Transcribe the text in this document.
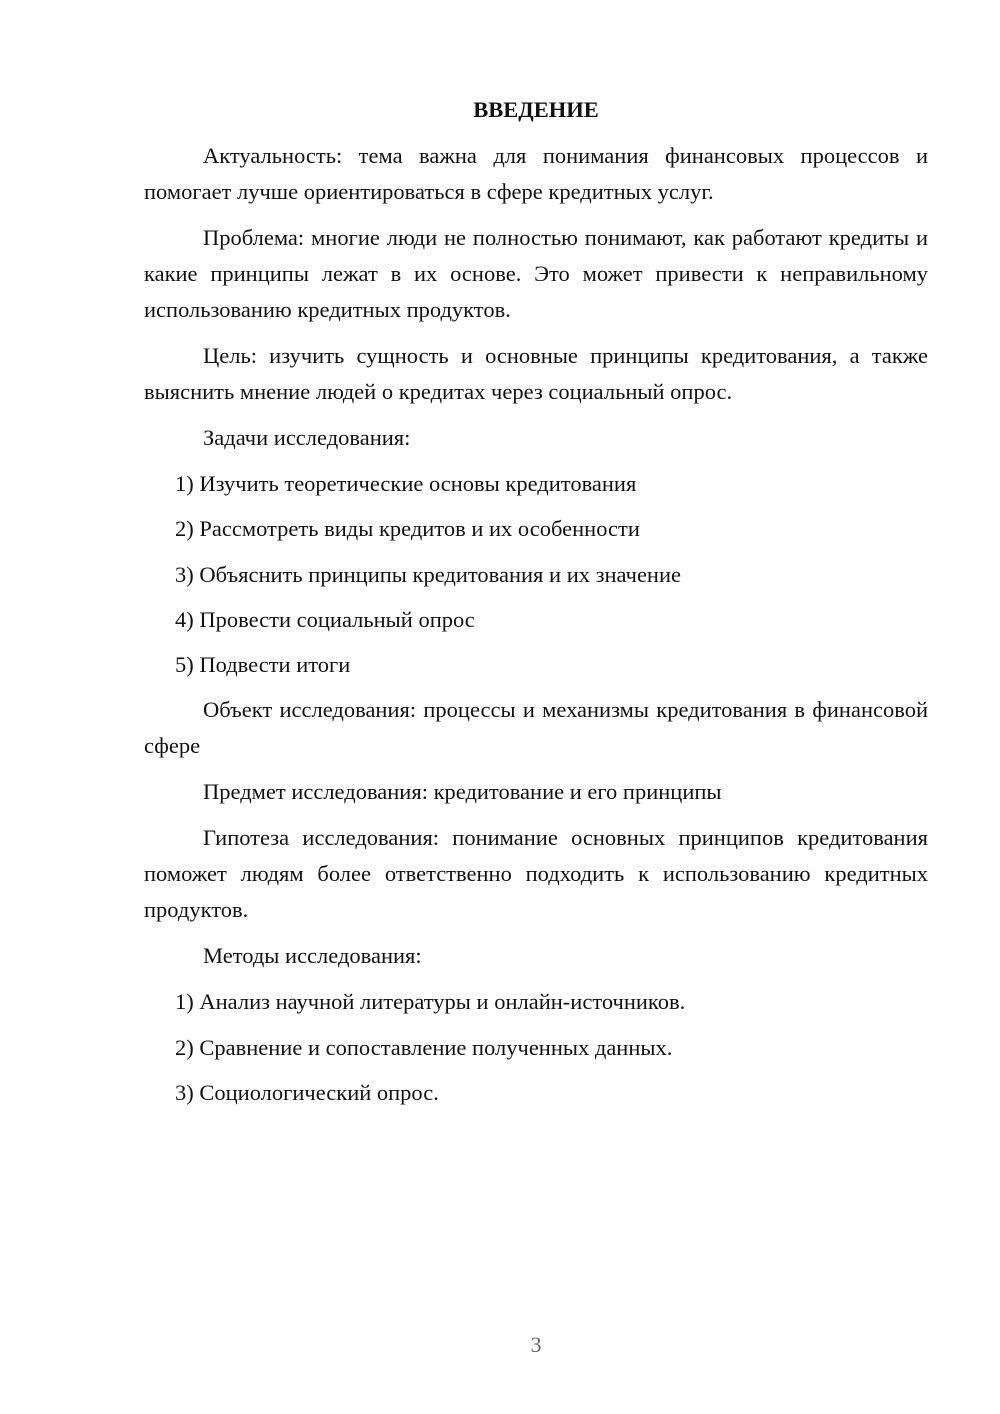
ВВЕДЕНИЕ

Актуальность: тема важна для понимания финансовых процессов и помогает лучше ориентироваться в сфере кредитных услуг.

Проблема: многие люди не полностью понимают, как работают кредиты и какие принципы лежат в их основе. Это может привести к неправильному использованию кредитных продуктов.

Цель: изучить сущность и основные принципы кредитования, а также выяснить мнение людей о кредитах через социальный опрос.

Задачи исследования:

1) Изучить теоретические основы кредитования
2) Рассмотреть виды кредитов и их особенности
3) Объяснить принципы кредитования и их значение
4) Провести социальный опрос
5) Подвести итоги

Объект исследования: процессы и механизмы кредитования в финансовой сфере

Предмет исследования: кредитование и его принципы

Гипотеза исследования: понимание основных принципов кредитования поможет людям более ответственно подходить к использованию кредитных продуктов.

Методы исследования:

1) Анализ научной литературы и онлайн-источников.
2) Сравнение и сопоставление полученных данных.
3) Социологический опрос.
3
